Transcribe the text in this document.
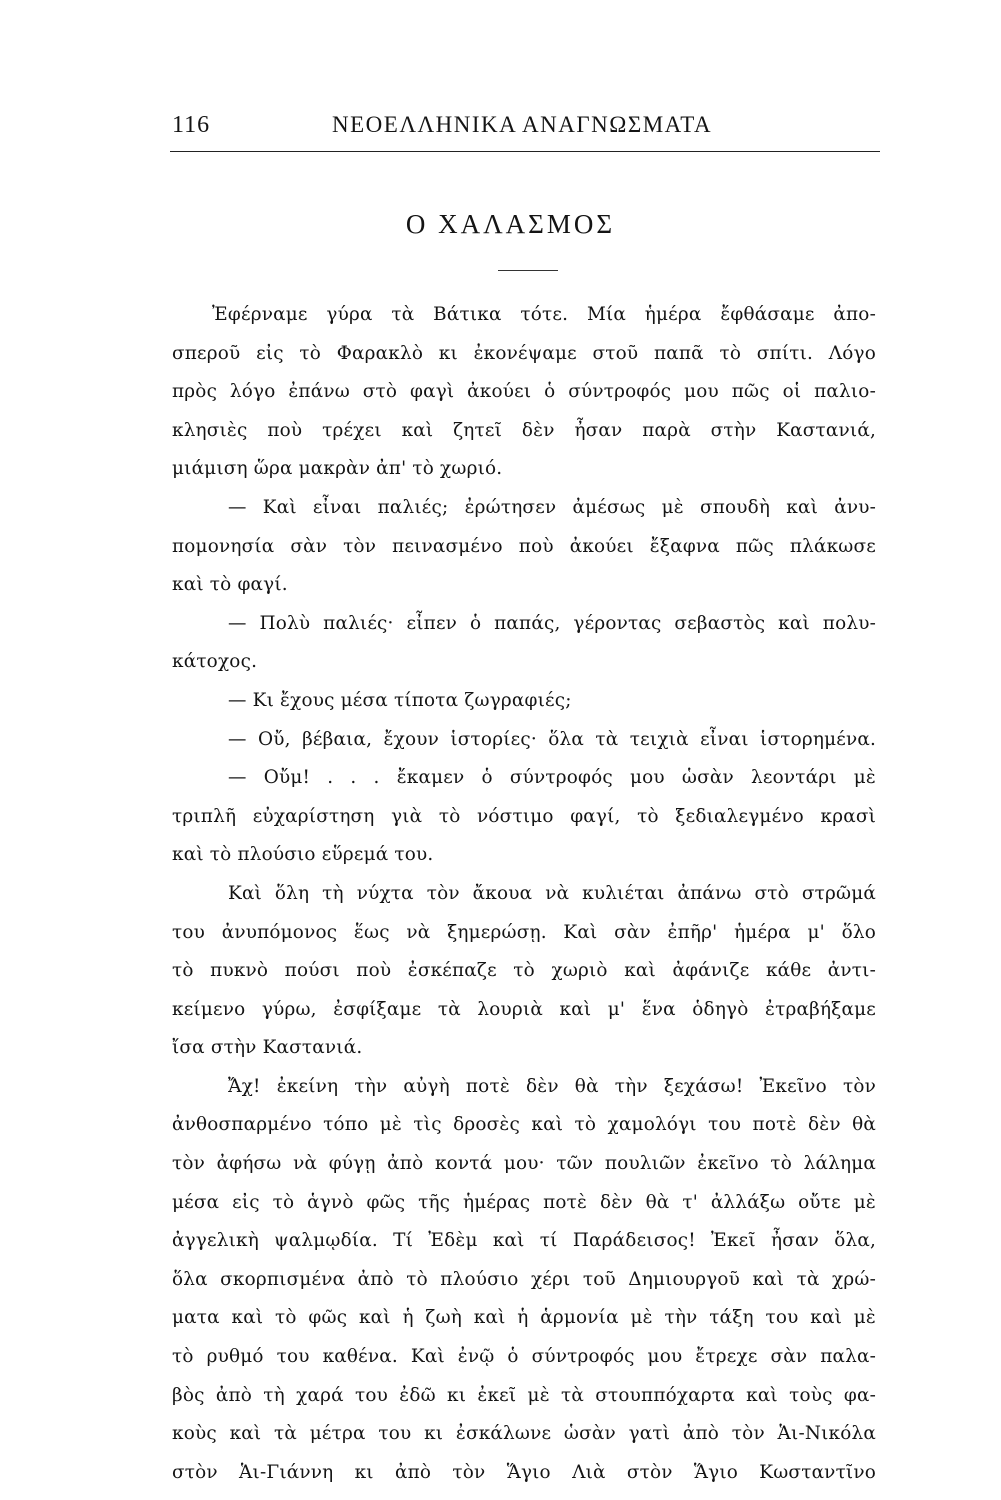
116	ΝΕΟΕΛΛΗΝΙΚΑ ΑΝΑΓΝΩΣΜΑΤΑ
Ο ΧΑΛΑΣΜΟΣ
Ἐφέρναμε γύρα τὰ Βάτικα τότε. Μία ἡμέρα ἔφθάσαμε ἀπο-
σπεροῦ εἰς τὸ Φαρακλὸ κι ἐκονέψαμε στοῦ παπᾶ τὸ σπίτι. Λόγο
πρὸς λόγο ἐπάνω στὸ φαγὶ ἀκούει ὁ σύντροφός μου πῶς οἱ παλιο-
κλησιὲς ποὺ τρέχει καὶ ζητεῖ δὲν ἦσαν παρὰ στὴν Καστανιά,
μιάμιση ὥρα μακρὰν ἀπ' τὸ χωριό.
— Καὶ εἶναι παλιές; ἐρώτησεν ἀμέσως μὲ σπουδὴ καὶ ἀνυ-
πομονησία σὰν τὸν πεινασμένο ποὺ ἀκούει ἔξαφνα πῶς πλάκωσε
καὶ τὸ φαγί.
— Πολὺ παλιές· εἶπεν ὁ παπάς, γέροντας σεβαστὸς καὶ πολυ-
κάτοχος.
— Κι ἔχους μέσα τίποτα ζωγραφιές;
— Οὔ, βέβαια, ἔχουν ἱστορίες· ὅλα τὰ τειχιὰ εἶναι ἱστορημένα.
— Οὔμ! . . . ἔκαμεν ὁ σύντροφός μου ὡσὰν λεοντάρι μὲ
τριπλῆ εὐχαρίστηση γιὰ τὸ νόστιμο φαγί, τὸ ξεδιαλεγμένο κρασὶ
καὶ τὸ πλούσιο εὕρεμά του.
Καὶ ὅλη τὴ νύχτα τὸν ἄκουα νὰ κυλιέται ἀπάνω στὸ στρῶμά
του ἀνυπόμονος ἕως νὰ ξημερώσῃ. Καὶ σὰν ἐπῆρ' ἡμέρα μ' ὅλο
τὸ πυκνὸ πούσι ποὺ ἐσκέπαζε τὸ χωριὸ καὶ ἀφάνιζε κάθε ἀντι-
κείμενο γύρω, ἐσφίξαμε τὰ λουριὰ καὶ μ' ἕνα ὁδηγὸ ἐτραβήξαμε
ἴσα στὴν Καστανιά.
Ἄχ! ἐκείνη τὴν αὐγὴ ποτὲ δὲν θὰ τὴν ξεχάσω! Ἐκεῖνο τὸν
ἀνθοσπαρμένο τόπο μὲ τὶς δροσὲς καὶ τὸ χαμολόγι του ποτὲ δὲν θὰ
τὸν ἀφήσω νὰ φύγῃ ἀπὸ κοντά μου· τῶν πουλιῶν ἐκεῖνο τὸ λάλημα
μέσα εἰς τὸ ἁγνὸ φῶς τῆς ἡμέρας ποτὲ δὲν θὰ τ' ἀλλάξω οὔτε μὲ
ἀγγελικὴ ψαλμῳδία. Τί Ἐδὲμ καὶ τί Παράδεισος! Ἐκεῖ ἦσαν ὅλα,
ὅλα σκορπισμένα ἀπὸ τὸ πλούσιο χέρι τοῦ Δημιουργοῦ καὶ τὰ χρώ-
ματα καὶ τὸ φῶς καὶ ἡ ζωὴ καὶ ἡ ἁρμονία μὲ τὴν τάξη του καὶ μὲ
τὸ ρυθμό του καθένα. Καὶ ἐνῷ ὁ σύντροφός μου ἔτρεχε σὰν παλα-
βὸς ἀπὸ τὴ χαρά του ἐδῶ κι ἐκεῖ μὲ τὰ στουππόχαρτα καὶ τοὺς φα-
κοὺς καὶ τὰ μέτρα του κι ἐσκάλωνε ὡσὰν γατὶ ἀπὸ τὸν Ἁι-Νικόλα
στὸν Ἁι-Γιάννη κι ἀπὸ τὸν Ἅγιο Λιὰ στὸν Ἅγιο Κωσταντῖνο
